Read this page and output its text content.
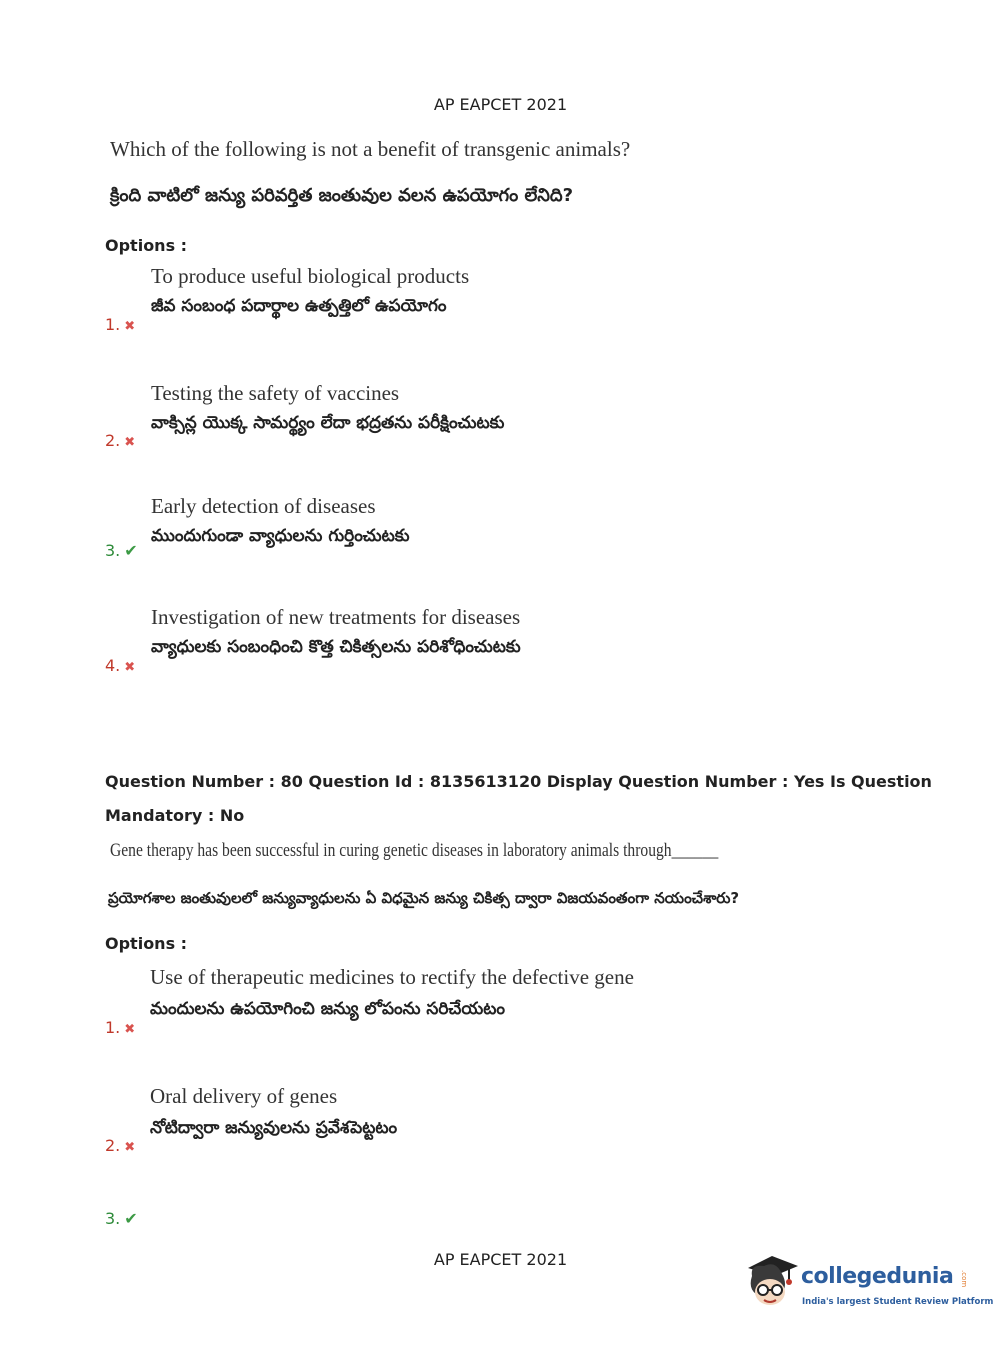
AP EAPCET 2021
Which of the following is not a benefit of transgenic animals?
క్రింది వాటిలో జన్యు పరివర్తిత జంతువుల వలన ఉపయోగం లేనిది?
Options :
To produce useful biological products
జీవ సంబంధ పదార్థాల ఉత్పత్తిలో ఉపయోగం
1. ✖
Testing the safety of vaccines
వాక్సిన్ల యొక్క సామర్థ్యం లేదా భద్రతను పరీక్షించుటకు
2. ✖
Early detection of diseases
ముందుగుండా వ్యాధులను గుర్తించుటకు
3. ✔
Investigation of new treatments for diseases
వ్యాధులకు సంబంధించి కొత్త చికిత్సలను పరిశోధించుటకు
4. ✖
Question Number : 80 Question Id : 8135613120 Display Question Number : Yes Is Question
Mandatory : No
Gene therapy has been successful in curing genetic diseases in laboratory animals through______
ప్రయోగశాల జంతువులలో జన్యువ్యాధులను ఏ విధమైన జన్యు చికిత్స ద్వారా విజయవంతంగా నయంచేశారు?
Options :
Use of therapeutic medicines to rectify the defective gene
మందులను ఉపయోగించి జన్యు లోపంను సరిచేయటం
1. ✖
Oral delivery of genes
నోటిద్వారా జన్యువులను ప్రవేశపెట్టటం
2. ✖
3. ✔
AP EAPCET 2021
collegedunia .com
India's largest Student Review Platform
